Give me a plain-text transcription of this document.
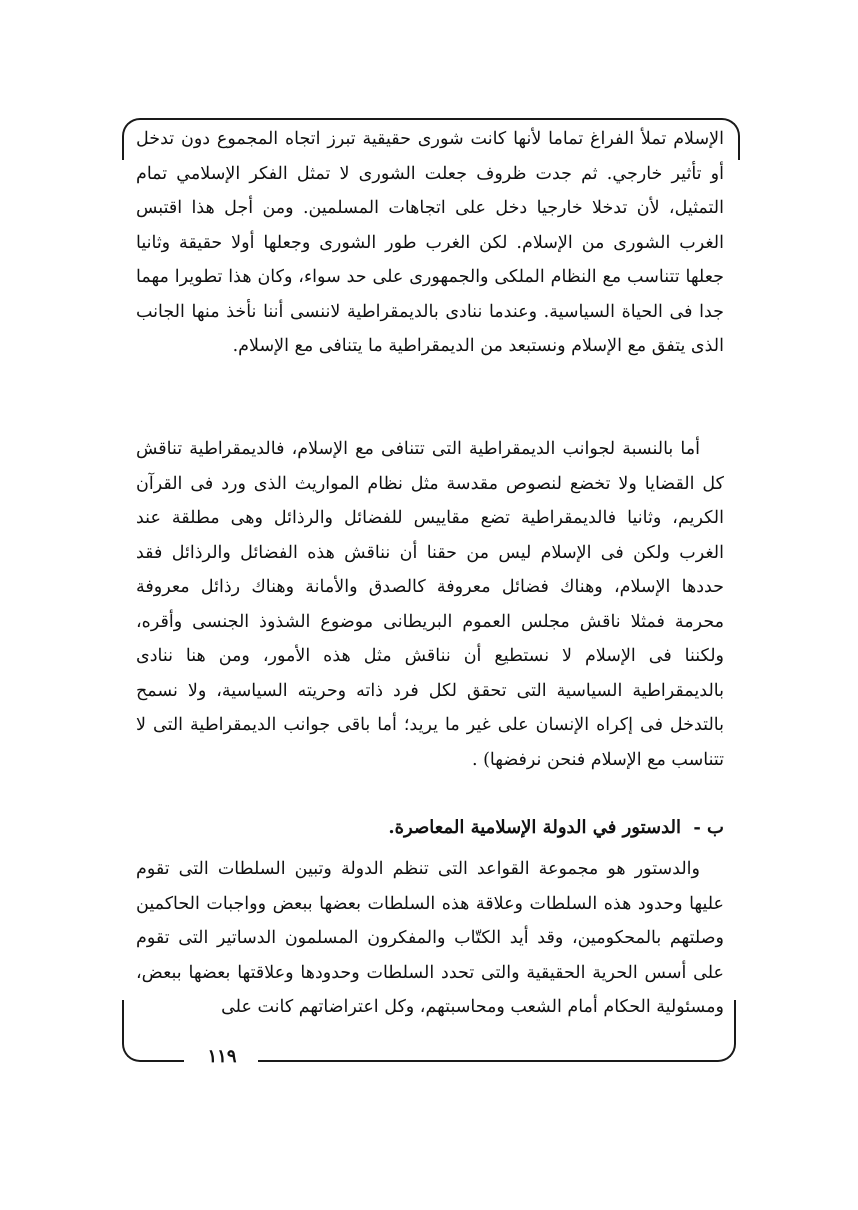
الإسلام تملأ الفراغ تماما لأنها كانت شورى حقيقية تبرز اتجاه المجموع دون تدخل أو تأثير خارجي. ثم جدت ظروف جعلت الشورى لا تمثل الفكر الإسلامي تمام التمثيل، لأن تدخلا خارجيا دخل على اتجاهات المسلمين. ومن أجل هذا اقتبس الغرب الشورى من الإسلام. لكن الغرب طور الشورى وجعلها أولا حقيقة وثانيا جعلها تتناسب مع النظام الملكى والجمهورى على حد سواء، وكان هذا تطويرا مهما جدا فى الحياة السياسية. وعندما ننادى بالديمقراطية لاننسى أننا نأخذ منها الجانب الذى يتفق مع الإسلام ونستبعد من الديمقراطية ما يتنافى مع الإسلام.
أما بالنسبة لجوانب الديمقراطية التى تتنافى مع الإسلام، فالديمقراطية تناقش كل القضايا ولا تخضع لنصوص مقدسة مثل نظام المواريث الذى ورد فى القرآن الكريم، وثانيا فالديمقراطية تضع مقاييس للفضائل والرذائل وهى مطلقة عند الغرب ولكن فى الإسلام ليس من حقنا أن نناقش هذه الفضائل والرذائل فقد حددها الإسلام، وهناك فضائل معروفة كالصدق والأمانة وهناك رذائل معروفة محرمة فمثلا ناقش مجلس العموم البريطانى موضوع الشذوذ الجنسى وأقره، ولكننا فى الإسلام لا نستطيع أن نناقش مثل هذه الأمور، ومن هنا ننادى بالديمقراطية السياسية التى تحقق لكل فرد ذاته وحريته السياسية، ولا نسمح بالتدخل فى إكراه الإنسان على غير ما يريد؛ أما باقى جوانب الديمقراطية التى لا تتناسب مع الإسلام فنحن نرفضها) .
ب - الدستور في الدولة الإسلامية المعاصرة.
والدستور هو مجموعة القواعد التى تنظم الدولة وتبين السلطات التى تقوم عليها وحدود هذه السلطات وعلاقة هذه السلطات بعضها ببعض وواجبات الحاكمين وصلتهم بالمحكومين، وقد أيد الكتّاب والمفكرون المسلمون الدساتير التى تقوم على أسس الحرية الحقيقية والتى تحدد السلطات وحدودها وعلاقتها بعضها ببعض، ومسئولية الحكام أمام الشعب ومحاسبتهم، وكل اعتراضاتهم كانت على
١١٩
